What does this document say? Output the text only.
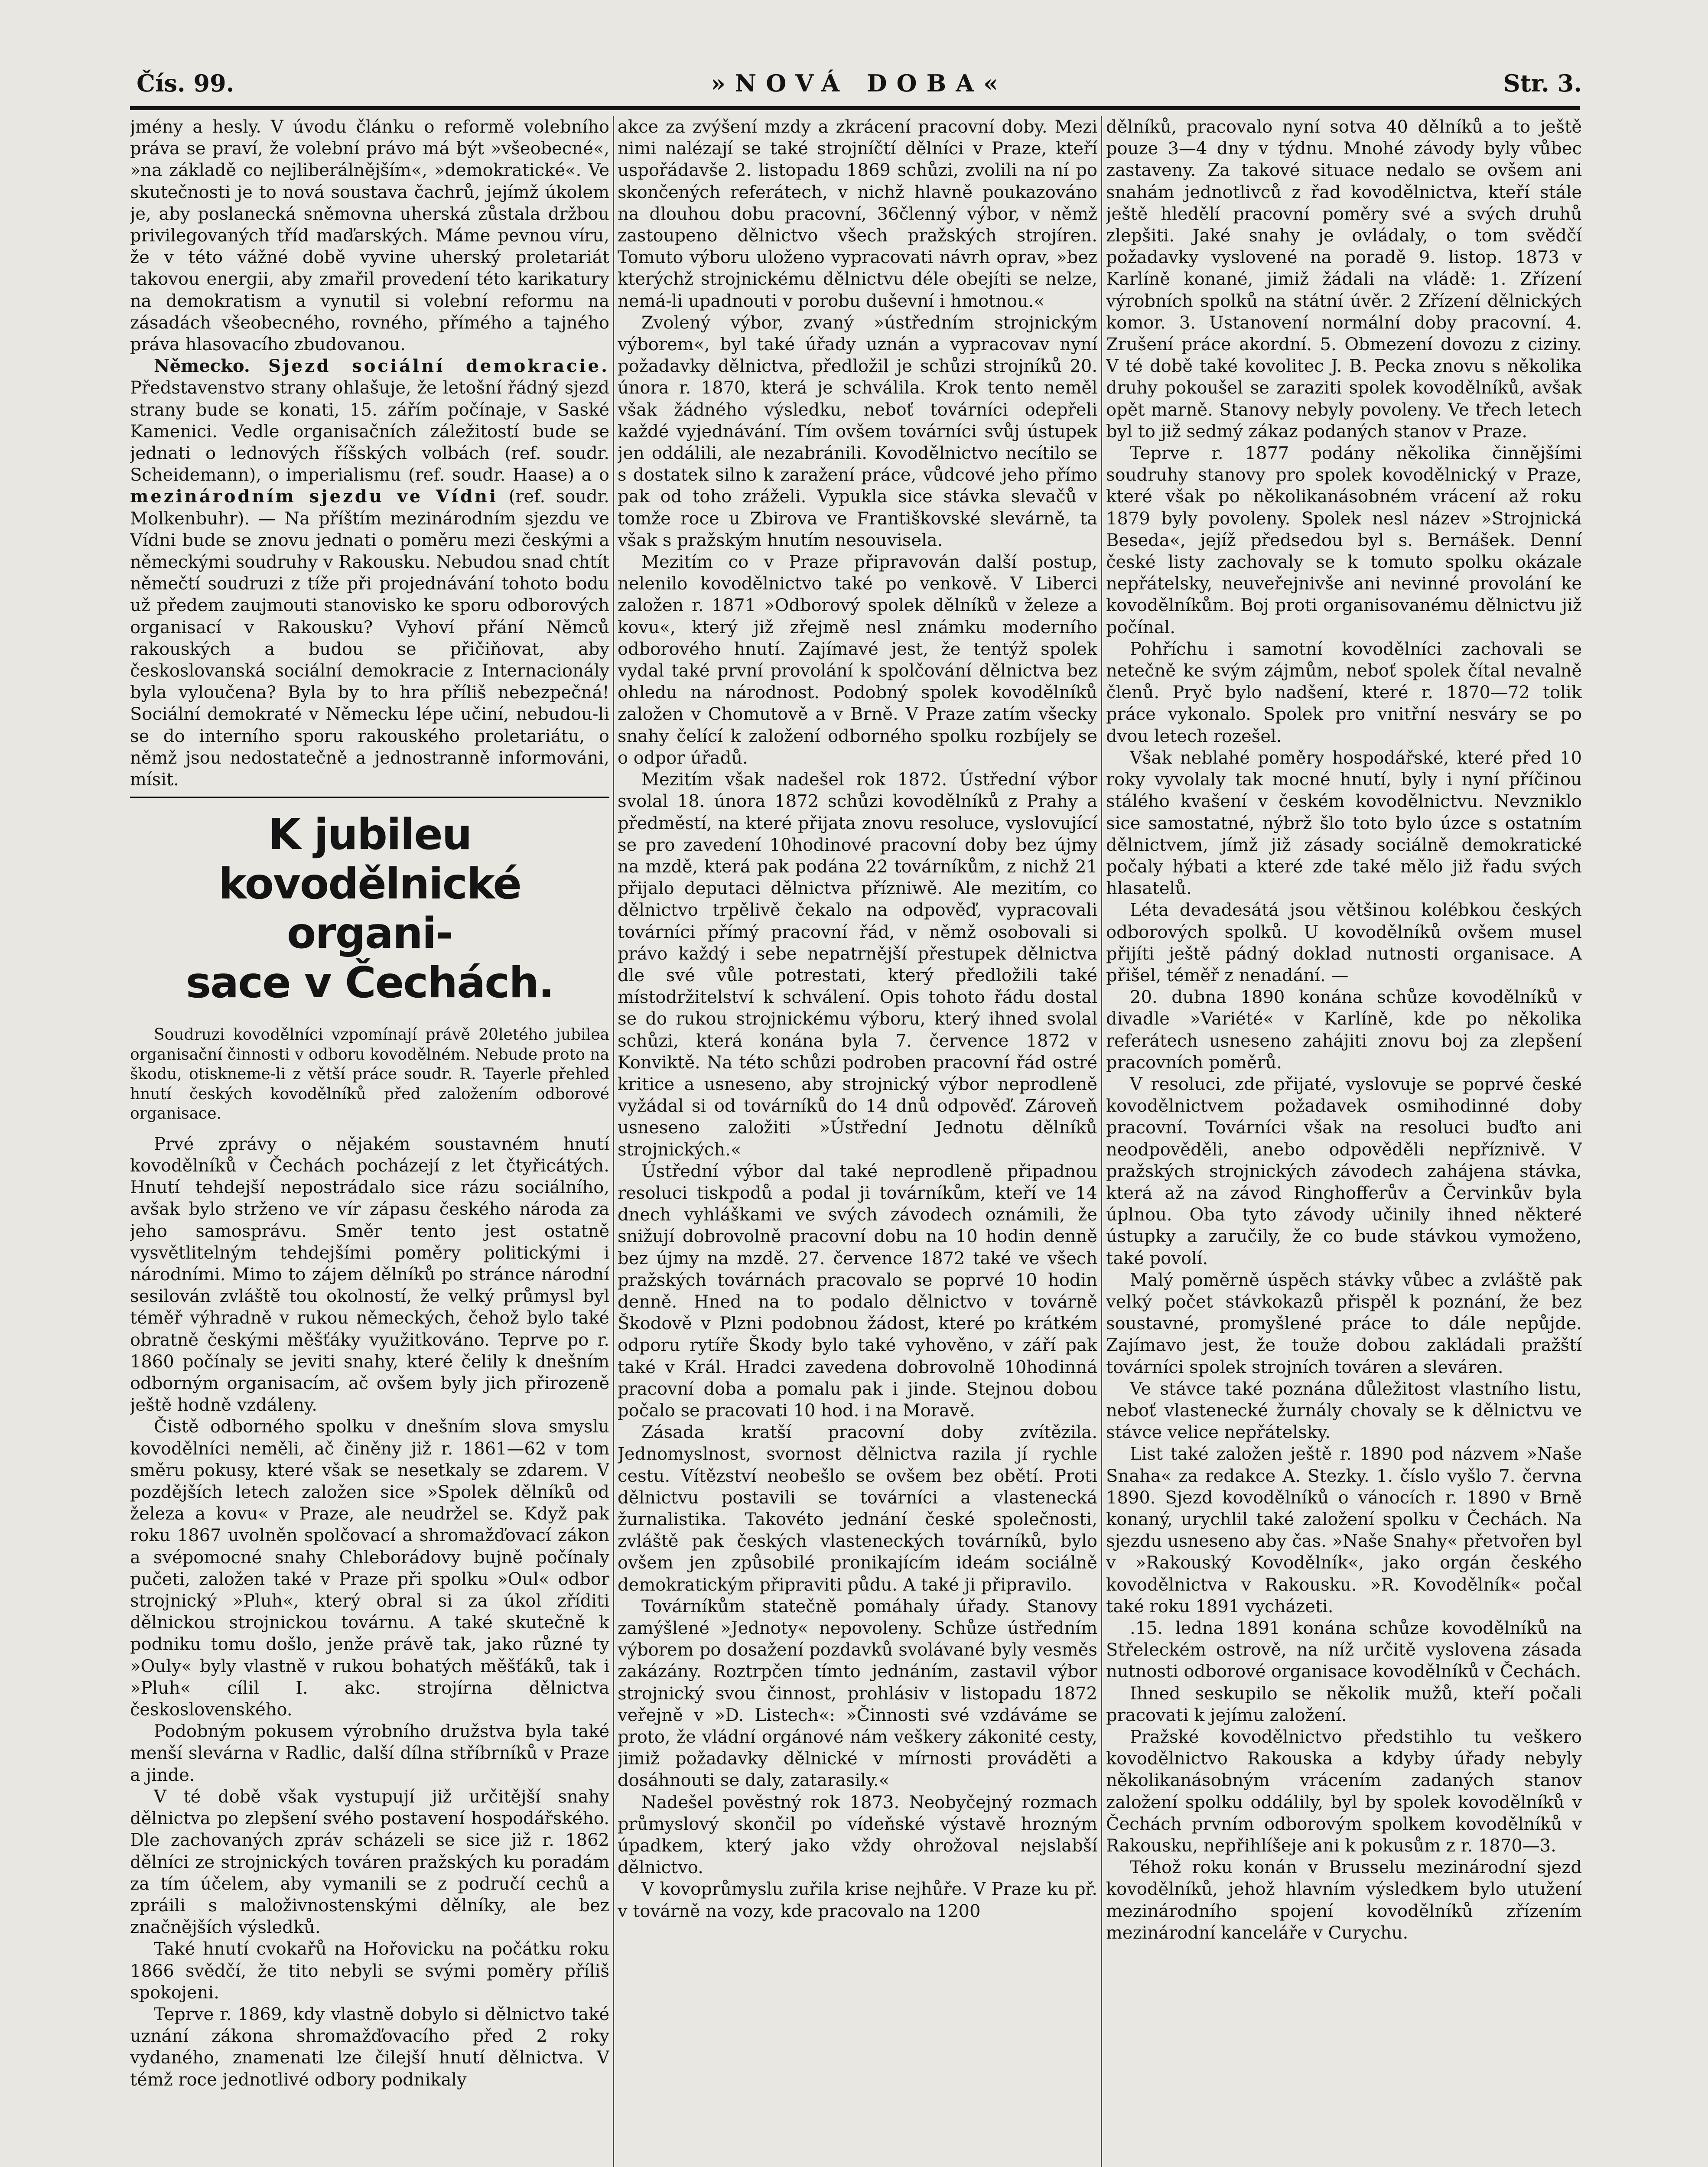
Čís. 99.	»NOVÁ DOBA«	Str. 3.

jmény a hesly. V úvodu článku o reformě volebního práva se praví, že volební právo má být »všeobecné«, »na základě co nejliberálnějším«, »demokratické«. Ve skutečnosti je to nová soustava čachrů, jejímž úkolem je, aby poslanecká sněmovna uherská zůstala držbou privilegovaných tříd maďarských. Máme pevnou víru, že v této vážné době vyvine uherský proletariát takovou energii, aby zmařil provedení této karikatury na demokratism a vynutil si volební reformu na zásadách všeobecného, rovného, přímého a tajného práva hlasovacího zbudovanou.

Německo. Sjezd sociální demokracie. Představenstvo strany ohlašuje, že letošní řádný sjezd strany bude se konati, 15. zářím počínaje, v Saské Kamenici. Vedle organisačních záležitostí bude se jednati o lednových říšských volbách (ref. soudr. Scheidemann), o imperialismu (ref. soudr. Haase) a o mezinárodním sjezdu ve Vídni (ref. soudr. Molkenbuhr). — Na příštím mezinárodním sjezdu ve Vídni bude se znovu jednati o poměru mezi českými a německými soudruhy v Rakousku. Nebudou snad chtít němečtí soudruzi z tíže při projednávání tohoto bodu už předem zaujmouti stanovisko ke sporu odborových organisací v Rakousku? Vyhoví přání Němců rakouských a budou se přičiňovat, aby českoslovanská sociální demokracie z Internacionály byla vyloučena? Byla by to hra příliš nebezpečná! Sociální demokraté v Německu lépe učiní, nebudou-li se do interního sporu rakouského proletariátu, o němž jsou nedostatečně a jednostranně informováni, mísit.

K jubileu kovodělnické organi-
sace v Čechách.

Soudruzi kovodělníci vzpomínají právě 20letého jubilea organisační činnosti v odboru kovodělném. Nebude proto na škodu, otiskneme-li z větší práce soudr. R. Tayerle přehled hnutí českých kovodělníků před založením odborové organisace.

Prvé zprávy o nějakém soustavném hnutí kovodělníků v Čechách pocházejí z let čtyřicátých. Hnutí tehdejší nepostrádalo sice rázu sociálního, avšak bylo strženo ve vír zápasu českého národa za jeho samosprávu. Směr tento jest ostatně vysvětlitelným tehdejšími poměry politickými i národními. Mimo to zájem dělníků po stránce národní sesilován zvláště tou okolností, že velký průmysl byl téměř výhradně v rukou německých, čehož bylo také obratně českými měšťáky využitkováno. Teprve po r. 1860 počínaly se jeviti snahy, které čelily k dnešním odborným organisacím, ač ovšem byly jich přirozeně ještě hodně vzdáleny.

Čistě odborného spolku v dnešním slova smyslu kovodělníci neměli, ač činěny již r. 1861—62 v tom směru pokusy, které však se nesetkaly se zdarem. V pozdějších letech založen sice »Spolek dělníků od železa a kovu« v Praze, ale neudržel se. Když pak roku 1867 uvolněn spolčovací a shromažďovací zákon a svépomocné snahy Chleborádovy bujně počínaly pučeti, založen také v Praze při spolku »Oul« odbor strojnický »Pluh«, který obral si za úkol zříditi dělnickou strojnickou továrnu. A také skutečně k podniku tomu došlo, jenže právě tak, jako různé ty »Ouly« byly vlastně v rukou bohatých měšťáků, tak i »Pluh« cílil I. akc. strojírna dělnictva československého.

Podobným pokusem výrobního družstva byla také menší slevárna v Radlic, další dílna stříbrníků v Praze a jinde.

V té době však vystupují již určitější snahy dělnictva po zlepšení svého postavení hospodářského. Dle zachovaných zpráv scházeli se sice již r. 1862 dělníci ze strojnických továren pražských ku poradám za tím účelem, aby vymanili se z područí cechů a zpráili s maloživnostenskými dělníky, ale bez značnějších výsledků.

Také hnutí cvokařů na Hořovicku na počátku roku 1866 svědčí, že tito nebyli se svými poměry příliš spokojeni.

Teprve r. 1869, kdy vlastně dobylo si dělnictvo také uznání zákona shromažďovacího před 2 roky vydaného, znamenati lze čilejší hnutí dělnictva. V témž roce jednotlivé odbory podnikaly

akce za zvýšení mzdy a zkrácení pracovní doby. Mezi nimi nalézají se také strojníčtí dělníci v Praze, kteří uspořádavše 2. listopadu 1869 schůzi, zvolili na ní po skončených referátech, v nichž hlavně poukazováno na dlouhou dobu pracovní, 36členný výbor, v němž zastoupeno dělnictvo všech pražských strojíren. Tomuto výboru uloženo vypracovati návrh oprav, »bez kterýchž strojnickému dělnictvu déle obejíti se nelze, nemá-li upadnouti v porobu duševní i hmotnou.«

Zvolený výbor, zvaný »ústředním strojnickým výborem«, byl také úřady uznán a vypracovav nyní požadavky dělnictva, předložil je schůzi strojníků 20. února r. 1870, která je schválila. Krok tento neměl však žádného výsledku, neboť továrníci odepřeli každé vyjednávání. Tím ovšem továrníci svůj ústupek jen oddálili, ale nezabránili. Kovodělnictvo necítilo se s dostatek silno k zaražení práce, vůdcové jeho přímo pak od toho zráželi. Vypukla sice stávka slevačů v tomže roce u Zbirova ve Františkovské slevárně, ta však s pražským hnutím nesouvisela.

Mezitím co v Praze připravován další postup, nelenilo kovodělnictvo také po venkově. V Liberci založen r. 1871 »Odborový spolek dělníků v železe a kovu«, který již zřejmě nesl známku moderního odborového hnutí. Zajímavé jest, že tentýž spolek vydal také první provolání k spolčování dělnictva bez ohledu na národnost. Podobný spolek kovodělníků založen v Chomutově a v Brně. V Praze zatím všecky snahy čelící k založení odborného spolku rozbíjely se o odpor úřadů.

Mezitím však nadešel rok 1872. Ústřední výbor svolal 18. února 1872 schůzi kovodělníků z Prahy a předměstí, na které přijata znovu resoluce, vyslovující se pro zavedení 10hodinové pracovní doby bez újmy na mzdě, která pak podána 22 továrníkům, z nichž 21 přijalo deputaci dělnictva přízniwě. Ale mezitím, co dělnictvo trpělivě čekalo na odpověď, vypracovali továrníci přímý pracovní řád, v němž osobovali si právo každý i sebe nepatrnější přestupek dělnictva dle své vůle potrestati, který předložili také místodržitelství k schválení. Opis tohoto řádu dostal se do rukou strojnickému výboru, který ihned svolal schůzi, která konána byla 7. července 1872 v Konviktě. Na této schůzi podroben pracovní řád ostré kritice a usneseno, aby strojnický výbor neprodleně vyžádal si od továrníků do 14 dnů odpověď. Zároveň usneseno založiti »Ústřední Jednotu dělníků strojnických.«

Ústřední výbor dal také neprodleně připadnou resoluci tiskpodů a podal ji továrníkům, kteří ve 14 dnech vyhláškami ve svých závodech oznámili, že snižují dobrovolně pracovní dobu na 10 hodin denně bez újmy na mzdě. 27. července 1872 také ve všech pražských továrnách pracovalo se poprvé 10 hodin denně. Hned na to podalo dělnictvo v továrně Škodově v Plzni podobnou žádost, které po krátkém odporu rytíře Škody bylo také vyhověno, v září pak také v Král. Hradci zavedena dobrovolně 10hodinná pracovní doba a pomalu pak i jinde. Stejnou dobou počalo se pracovati 10 hod. i na Moravě.

Zásada kratší pracovní doby zvítězila. Jednomyslnost, svornost dělnictva razila jí rychle cestu. Vítězství neobešlo se ovšem bez obětí. Proti dělnictvu postavili se továrníci a vlastenecká žurnalistika. Takovéto jednání české společnosti, zvláště pak českých vlasteneckých továrníků, bylo ovšem jen způsobilé pronikajícím ideám sociálně demokratickým připraviti půdu. A také ji připravilo.

Továrníkům statečně pomáhaly úřady. Stanovy zamýšlené »Jednoty« nepovoleny. Schůze ústředním výborem po dosažení pozdavků svolávané byly vesměs zakázány. Roztrpčen tímto jednáním, zastavil výbor strojnický svou činnost, prohlásiv v listopadu 1872 veřejně v »D. Listech«: »Činnosti své vzdáváme se proto, že vládní orgánové nám veškery zákonité cesty, jimiž požadavky dělnické v mírnosti prováděti a dosáhnouti se daly, zatarasily.«

Nadešel pověstný rok 1873. Neobyčejný rozmach průmyslový skončil po vídeňské výstavě hrozným úpadkem, který jako vždy ohrožoval nejslabší dělnictvo.

V kovoprůmyslu zuřila krise nejhůře. V Praze ku př. v továrně na vozy, kde pracovalo na 1200

dělníků, pracovalo nyní sotva 40 dělníků a to ještě pouze 3—4 dny v týdnu. Mnohé závody byly vůbec zastaveny. Za takové situace nedalo se ovšem ani snahám jednotlivců z řad kovodělnictva, kteří stále ještě hledělí pracovní poměry své a svých druhů zlepšiti. Jaké snahy je ovládaly, o tom svědčí požadavky vyslovené na poradě 9. listop. 1873 v Karlíně konané, jimiž žádali na vládě: 1. Zřízení výrobních spolků na státní úvěr. 2 Zřízení dělnických komor. 3. Ustanovení normální doby pracovní. 4. Zrušení práce akordní. 5. Obmezení dovozu z ciziny. V té době také kovolitec J. B. Pecka znovu s několika druhy pokoušel se zaraziti spolek kovodělníků, avšak opět marně. Stanovy nebyly povoleny. Ve třech letech byl to již sedmý zákaz podaných stanov v Praze.

Teprve r. 1877 podány několika činnějšími soudruhy stanovy pro spolek kovodělnický v Praze, které však po několikanásobném vrácení až roku 1879 byly povoleny. Spolek nesl název »Strojnická Beseda«, jejíž předsedou byl s. Bernášek. Denní české listy zachovaly se k tomuto spolku okázale nepřátelsky, neuveřejnivše ani nevinné provolání ke kovodělníkům. Boj proti organisovanému dělnictvu již počínal.

Pohříchu i samotní kovodělníci zachovali se netečně ke svým zájmům, neboť spolek čítal nevalně členů. Pryč bylo nadšení, které r. 1870—72 tolik práce vykonalo. Spolek pro vnitřní nesváry se po dvou letech rozešel.

Však neblahé poměry hospodářské, které před 10 roky vyvolaly tak mocné hnutí, byly i nyní příčinou stálého kvašení v českém kovodělnictvu. Nevzniklo sice samostatné, nýbrž šlo toto bylo úzce s ostatním dělnictvem, jímž již zásady sociálně demokratické počaly hýbati a které zde také mělo již řadu svých hlasatelů.

Léta devadesátá jsou většinou kolébkou českých odborových spolků. U kovodělníků ovšem musel přijíti ještě pádný doklad nutnosti organisace. A přišel, téměř z nenadání. —

20. dubna 1890 konána schůze kovodělníků v divadle »Variété« v Karlíně, kde po několika referátech usneseno zahájiti znovu boj za zlepšení pracovních poměrů.

V resoluci, zde přijaté, vyslovuje se poprvé české kovodělnictvem požadavek osmihodinné doby pracovní. Továrníci však na resoluci buďto ani neodpověděli, anebo odpověděli nepříznivě. V pražských strojnických závodech zahájena stávka, která až na závod Ringhofferův a Červinkův byla úplnou. Oba tyto závody učinily ihned některé ústupky a zaručily, že co bude stávkou vymoženo, také povolí.

Malý poměrně úspěch stávky vůbec a zvláště pak velký počet stávkokazů přispěl k poznání, že bez soustavné, promyšlené práce to dále nepůjde. Zajímavo jest, že touže dobou zakládali pražští továrníci spolek strojních továren a sleváren.

Ve stávce také poznána důležitost vlastního listu, neboť vlastenecké žurnály chovaly se k dělnictvu ve stávce velice nepřátelsky.

List také založen ještě r. 1890 pod názvem »Naše Snaha« za redakce A. Stezky. 1. číslo vyšlo 7. června 1890. Sjezd kovodělníků o vánocích r. 1890 v Brně konaný, urychlil také založení spolku v Čechách. Na sjezdu usneseno aby čas. »Naše Snahy« přetvořen byl v »Rakouský Kovodělník«, jako orgán českého kovodělnictva v Rakousku. »R. Kovodělník« počal také roku 1891 vycházeti.

.15. ledna 1891 konána schůze kovodělníků na Střeleckém ostrově, na níž určitě vyslovena zásada nutnosti odborové organisace kovodělníků v Čechách.

Ihned seskupilo se několik mužů, kteří počali pracovati k jejímu založení.

Pražské kovodělnictvo předstihlo tu veškero kovodělnictvo Rakouska a kdyby úřady nebyly několikanásobným vrácením zadaných stanov založení spolku oddálily, byl by spolek kovodělníků v Čechách prvním odborovým spolkem kovodělníků v Rakousku, nepřihlíšeje ani k pokusům z r. 1870—3.

Téhož roku konán v Brusselu mezinárodní sjezd kovodělníků, jehož hlavním výsledkem bylo utužení mezinárodního spojení kovodělníků zřízením mezinárodní kanceláře v Curychu.
